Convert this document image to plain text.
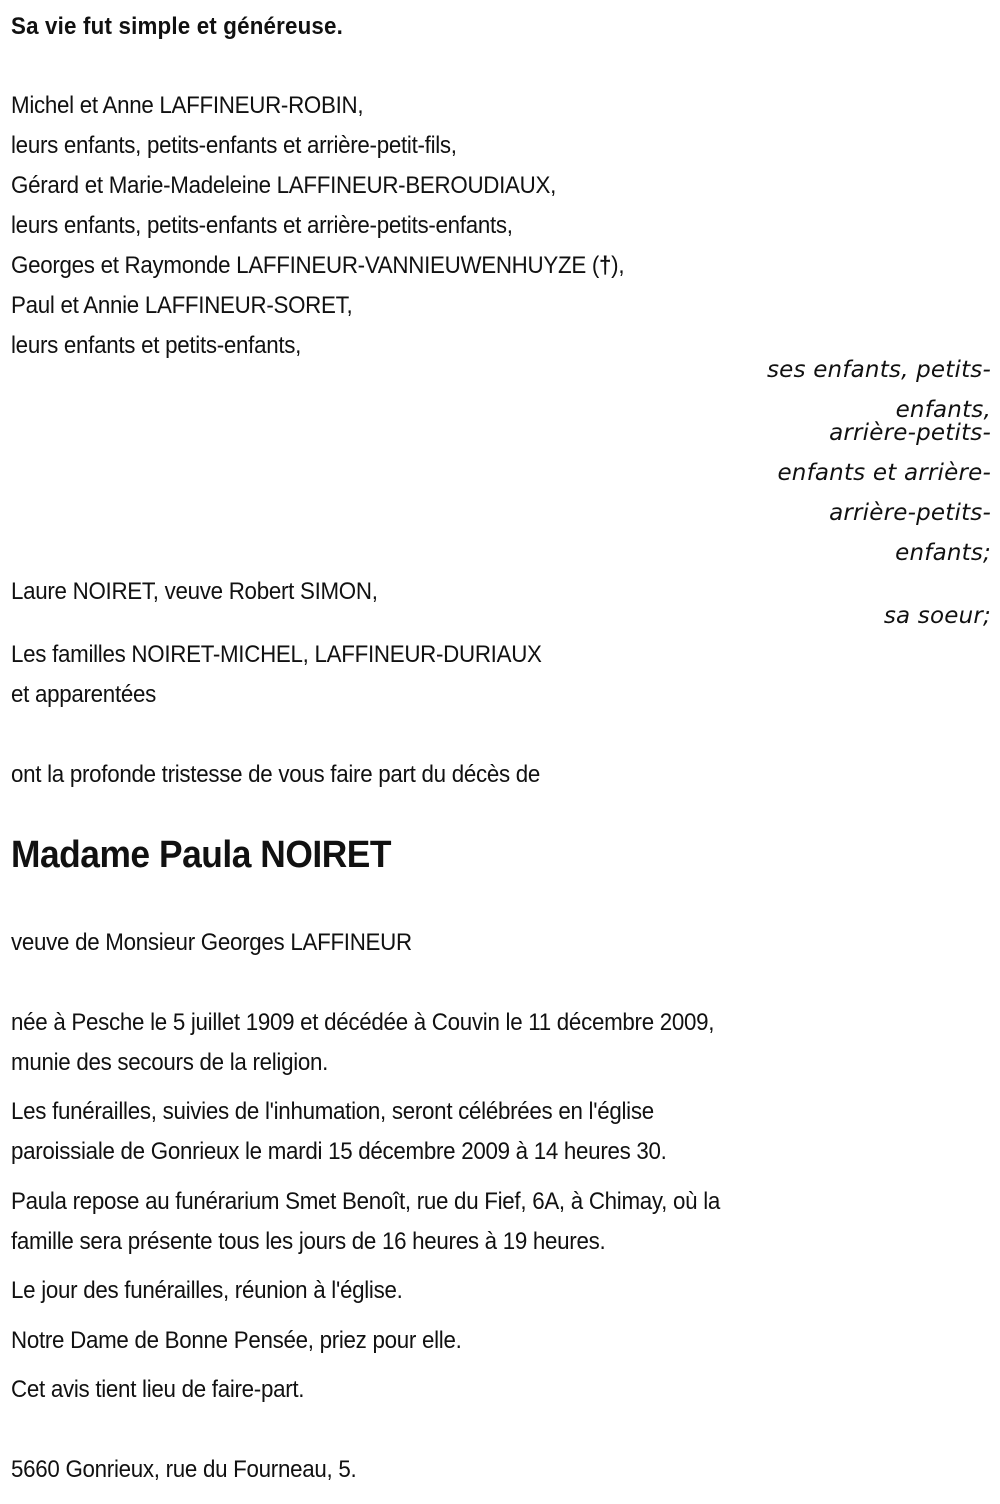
Sa vie fut simple et généreuse.
Michel et Anne LAFFINEUR-ROBIN,
leurs enfants, petits-enfants et arrière-petit-fils,
Gérard et Marie-Madeleine LAFFINEUR-BEROUDIAUX,
leurs enfants, petits-enfants et arrière-petits-enfants,
Georges et Raymonde LAFFINEUR-VANNIEUWENHUYZE (†),
Paul et Annie LAFFINEUR-SORET,
leurs enfants et petits-enfants,
ses enfants, petits-
enfants,
arrière-petits-
enfants et arrière-
arrière-petits-
enfants;
Laure NOIRET, veuve Robert SIMON,
sa soeur;
Les familles NOIRET-MICHEL, LAFFINEUR-DURIAUX
et apparentées
ont la profonde tristesse de vous faire part du décès de
Madame Paula NOIRET
veuve de Monsieur Georges LAFFINEUR
née à Pesche le 5 juillet 1909 et décédée à Couvin le 11 décembre 2009,
munie des secours de la religion.
Les funérailles, suivies de l'inhumation, seront célébrées en l'église
paroissiale de Gonrieux le mardi 15 décembre 2009 à 14 heures 30.
Paula repose au funérarium Smet Benoît, rue du Fief, 6A, à Chimay, où la
famille sera présente tous les jours de 16 heures à 19 heures.
Le jour des funérailles, réunion à l'église.
Notre Dame de Bonne Pensée, priez pour elle.
Cet avis tient lieu de faire-part.
5660 Gonrieux, rue du Fourneau, 5.
